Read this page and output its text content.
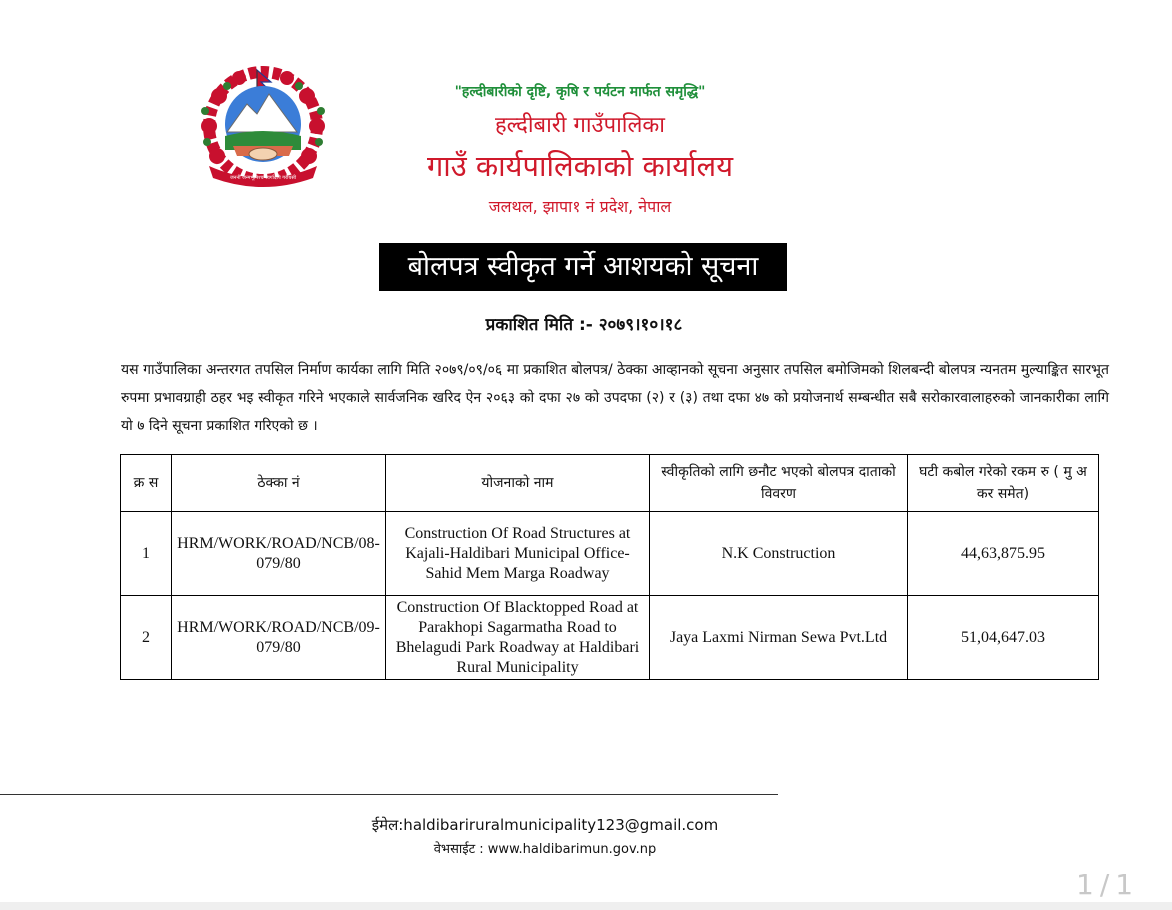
जननी जन्मभूमिश्च स्वर्गादपि गरीयसी
"हल्दीबारीको दृष्टि, कृषि र पर्यटन मार्फत समृद्धि"
हल्दीबारी गाउँपालिका
गाउँ कार्यपालिकाको कार्यालय
जलथल, झापा१ नं प्रदेश, नेपाल
बोलपत्र स्वीकृत गर्ने आशयको सूचना
प्रकाशित मिति :- २०७९।१०।१८
यस गाउँपालिका अन्तरगत तपसिल निर्माण कार्यका लागि मिति २०७९/०९/०६ मा प्रकाशित बोलपत्र/ ठेक्का आव्हानको सूचना अनुसार तपसिल बमोजिमको शिलबन्दी बोलपत्र न्यनतम मुल्याङ्कित सारभूत रुपमा प्रभावग्राही ठहर भइ स्वीकृत गरिने भएकाले सार्वजनिक खरिद ऐन २०६३ को दफा २७ को उपदफा (२) र (३) तथा दफा ४७ को प्रयोजनार्थ सम्बन्धीत सबै सरोकारवालाहरुको जानकारीका लागि यो ७ दिने सूचना प्रकाशित गरिएको छ ।
क्र स	ठेक्का नं	योजनाको नाम	स्वीकृतिको लागि छनौट भएको बोलपत्र दाताको विवरण	घटी कबोल गरेको रकम रु ( मु अ कर समेत)
1	HRM/WORK/ROAD/NCB/08-079/80	Construction Of Road Structures at Kajali-Haldibari Municipal Office-Sahid Mem Marga Roadway	N.K Construction	44,63,875.95
2	HRM/WORK/ROAD/NCB/09-079/80	Construction Of Blacktopped Road at Parakhopi Sagarmatha Road to Bhelagudi Park Roadway at Haldibari Rural Municipality	Jaya Laxmi Nirman Sewa Pvt.Ltd	51,04,647.03
ईमेल:haldibariruralmunicipality123@gmail.com
वेभसाईट : www.haldibarimun.gov.np
1/1
